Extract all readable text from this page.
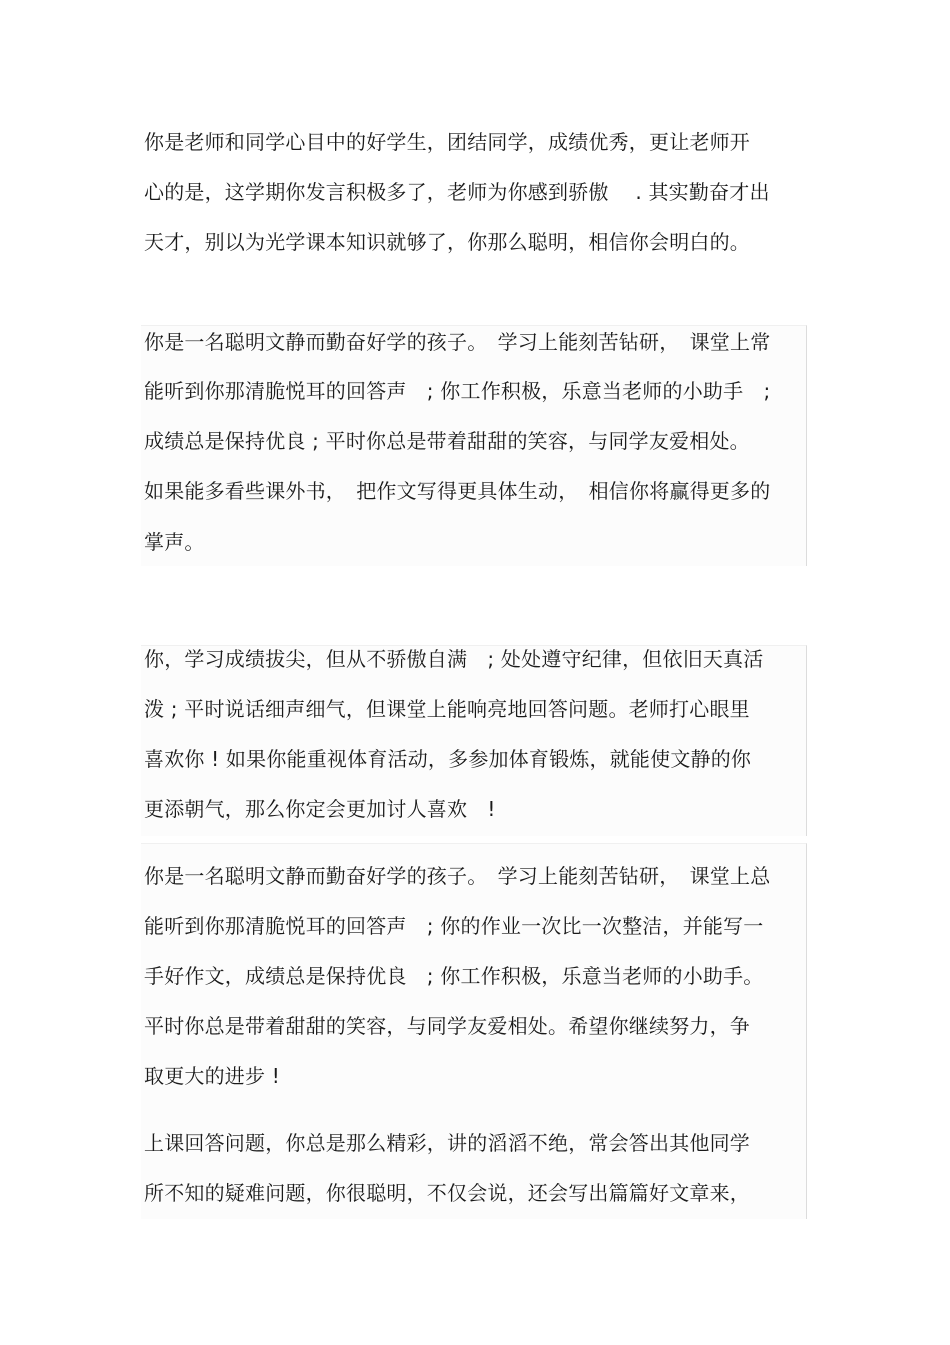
你是老师和同学心目中的好学生，团结同学，成绩优秀，更让老师开
心的是，这学期你发言积极多了，老师为你感到骄傲　 . 其实勤奋才出
天才，别以为光学课本知识就够了，你那么聪明，相信你会明白的。
你是一名聪明文静而勤奋好学的孩子。　学习上能刻苦钻研，　课堂上常
能听到你那清脆悦耳的回答声　; 你工作积极，乐意当老师的小助手　;
成绩总是保持优良 ; 平时你总是带着甜甜的笑容，与同学友爱相处。
如果能多看些课外书，　把作文写得更具体生动，　相信你将赢得更多的
掌声。
你，学习成绩拔尖，但从不骄傲自满　; 处处遵守纪律，但依旧天真活
泼 ; 平时说话细声细气，但课堂上能响亮地回答问题。老师打心眼里
喜欢你 ! 如果你能重视体育活动，多参加体育锻炼，就能使文静的你
更添朝气，那么你定会更加讨人喜欢　!
你是一名聪明文静而勤奋好学的孩子。　学习上能刻苦钻研，　课堂上总
能听到你那清脆悦耳的回答声　; 你的作业一次比一次整洁，并能写一
手好作文，成绩总是保持优良　; 你工作积极，乐意当老师的小助手。
平时你总是带着甜甜的笑容，与同学友爱相处。希望你继续努力，争
取更大的进步 !
上课回答问题，你总是那么精彩，讲的滔滔不绝，常会答出其他同学
所不知的疑难问题，你很聪明，不仅会说，还会写出篇篇好文章来，
